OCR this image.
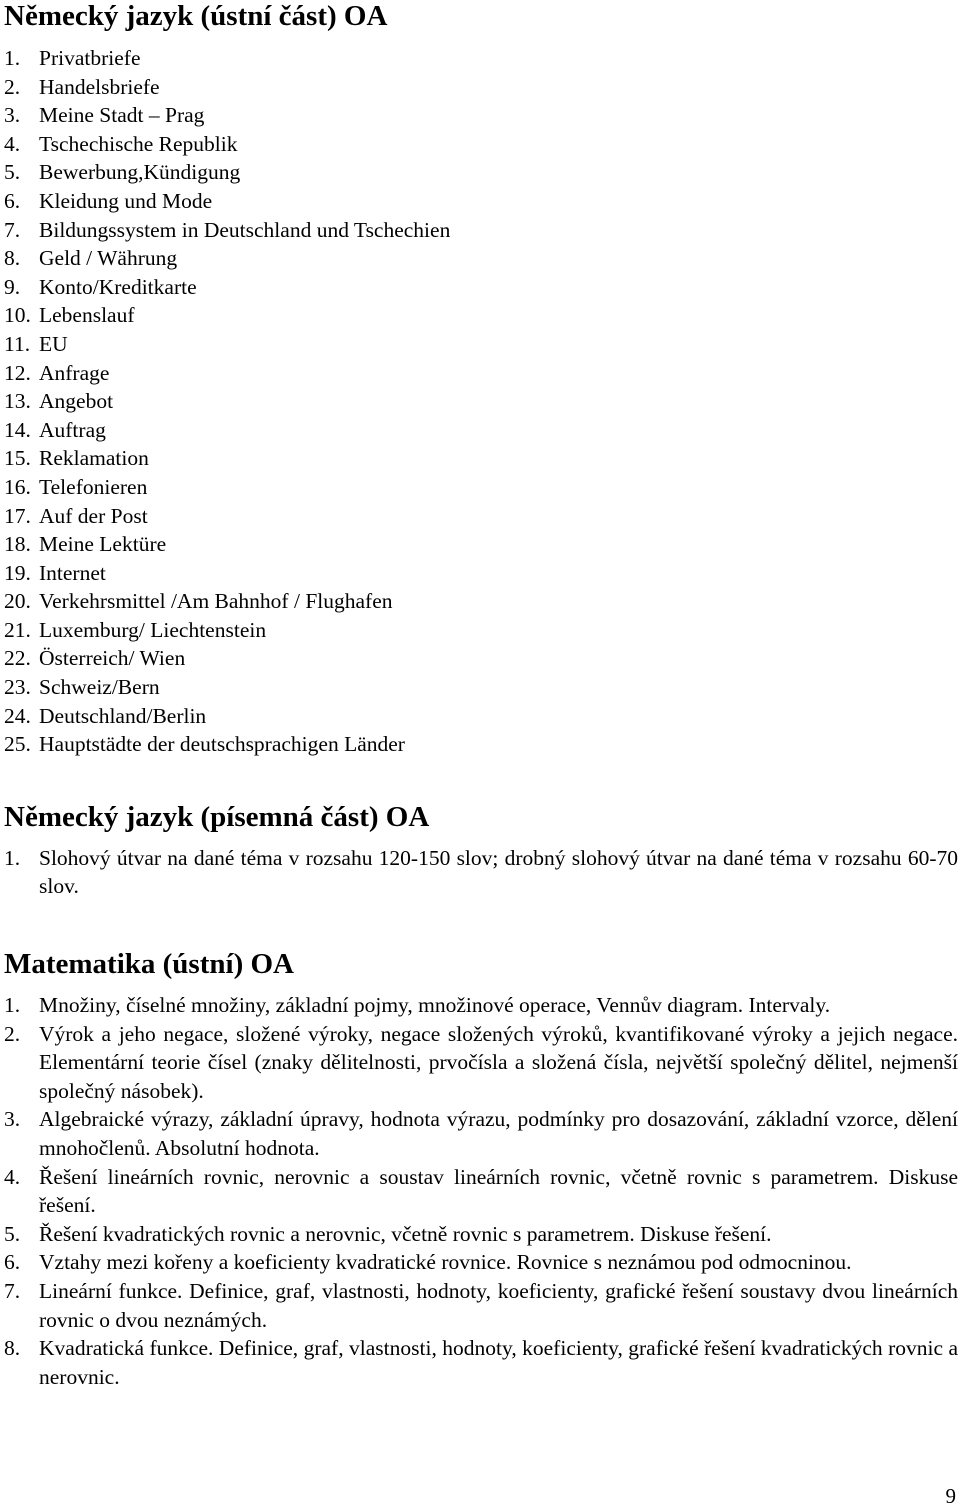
Německý jazyk (ústní část) OA
1. Privatbriefe
2. Handelsbriefe
3. Meine Stadt – Prag
4. Tschechische Republik
5. Bewerbung,Kündigung
6. Kleidung und Mode
7. Bildungssystem in Deutschland und Tschechien
8. Geld / Währung
9. Konto/Kreditkarte
10. Lebenslauf
11. EU
12. Anfrage
13. Angebot
14. Auftrag
15. Reklamation
16. Telefonieren
17. Auf der Post
18. Meine Lektüre
19. Internet
20. Verkehrsmittel /Am Bahnhof / Flughafen
21. Luxemburg/ Liechtenstein
22. Österreich/ Wien
23. Schweiz/Bern
24. Deutschland/Berlin
25. Hauptstädte der deutschsprachigen Länder
Německý jazyk (písemná část) OA
1. Slohový útvar na dané téma v rozsahu 120-150 slov; drobný slohový útvar na dané téma v rozsahu 60-70 slov.
Matematika (ústní) OA
1. Množiny, číselné množiny, základní pojmy, množinové operace, Vennův diagram. Intervaly.
2. Výrok a jeho negace, složené výroky, negace složených výroků, kvantifikované výroky a jejich negace. Elementární teorie čísel (znaky dělitelnosti, prvočísla a složená čísla, největší společný dělitel, nejmenší společný násobek).
3. Algebraické výrazy, základní úpravy, hodnota výrazu, podmínky pro dosazování, základní vzorce, dělení mnohočlenů. Absolutní hodnota.
4. Řešení lineárních rovnic, nerovnic a soustav lineárních rovnic, včetně rovnic s parametrem. Diskuse řešení.
5. Řešení kvadratických rovnic a nerovnic, včetně rovnic s parametrem. Diskuse řešení.
6. Vztahy mezi kořeny a koeficienty kvadratické rovnice. Rovnice s neznámou pod odmocninou.
7. Lineární funkce. Definice, graf, vlastnosti, hodnoty, koeficienty, grafické řešení soustavy dvou lineárních rovnic o dvou neznámých.
8. Kvadratická funkce. Definice, graf, vlastnosti, hodnoty, koeficienty, grafické řešení kvadratických rovnic a nerovnic.
9
